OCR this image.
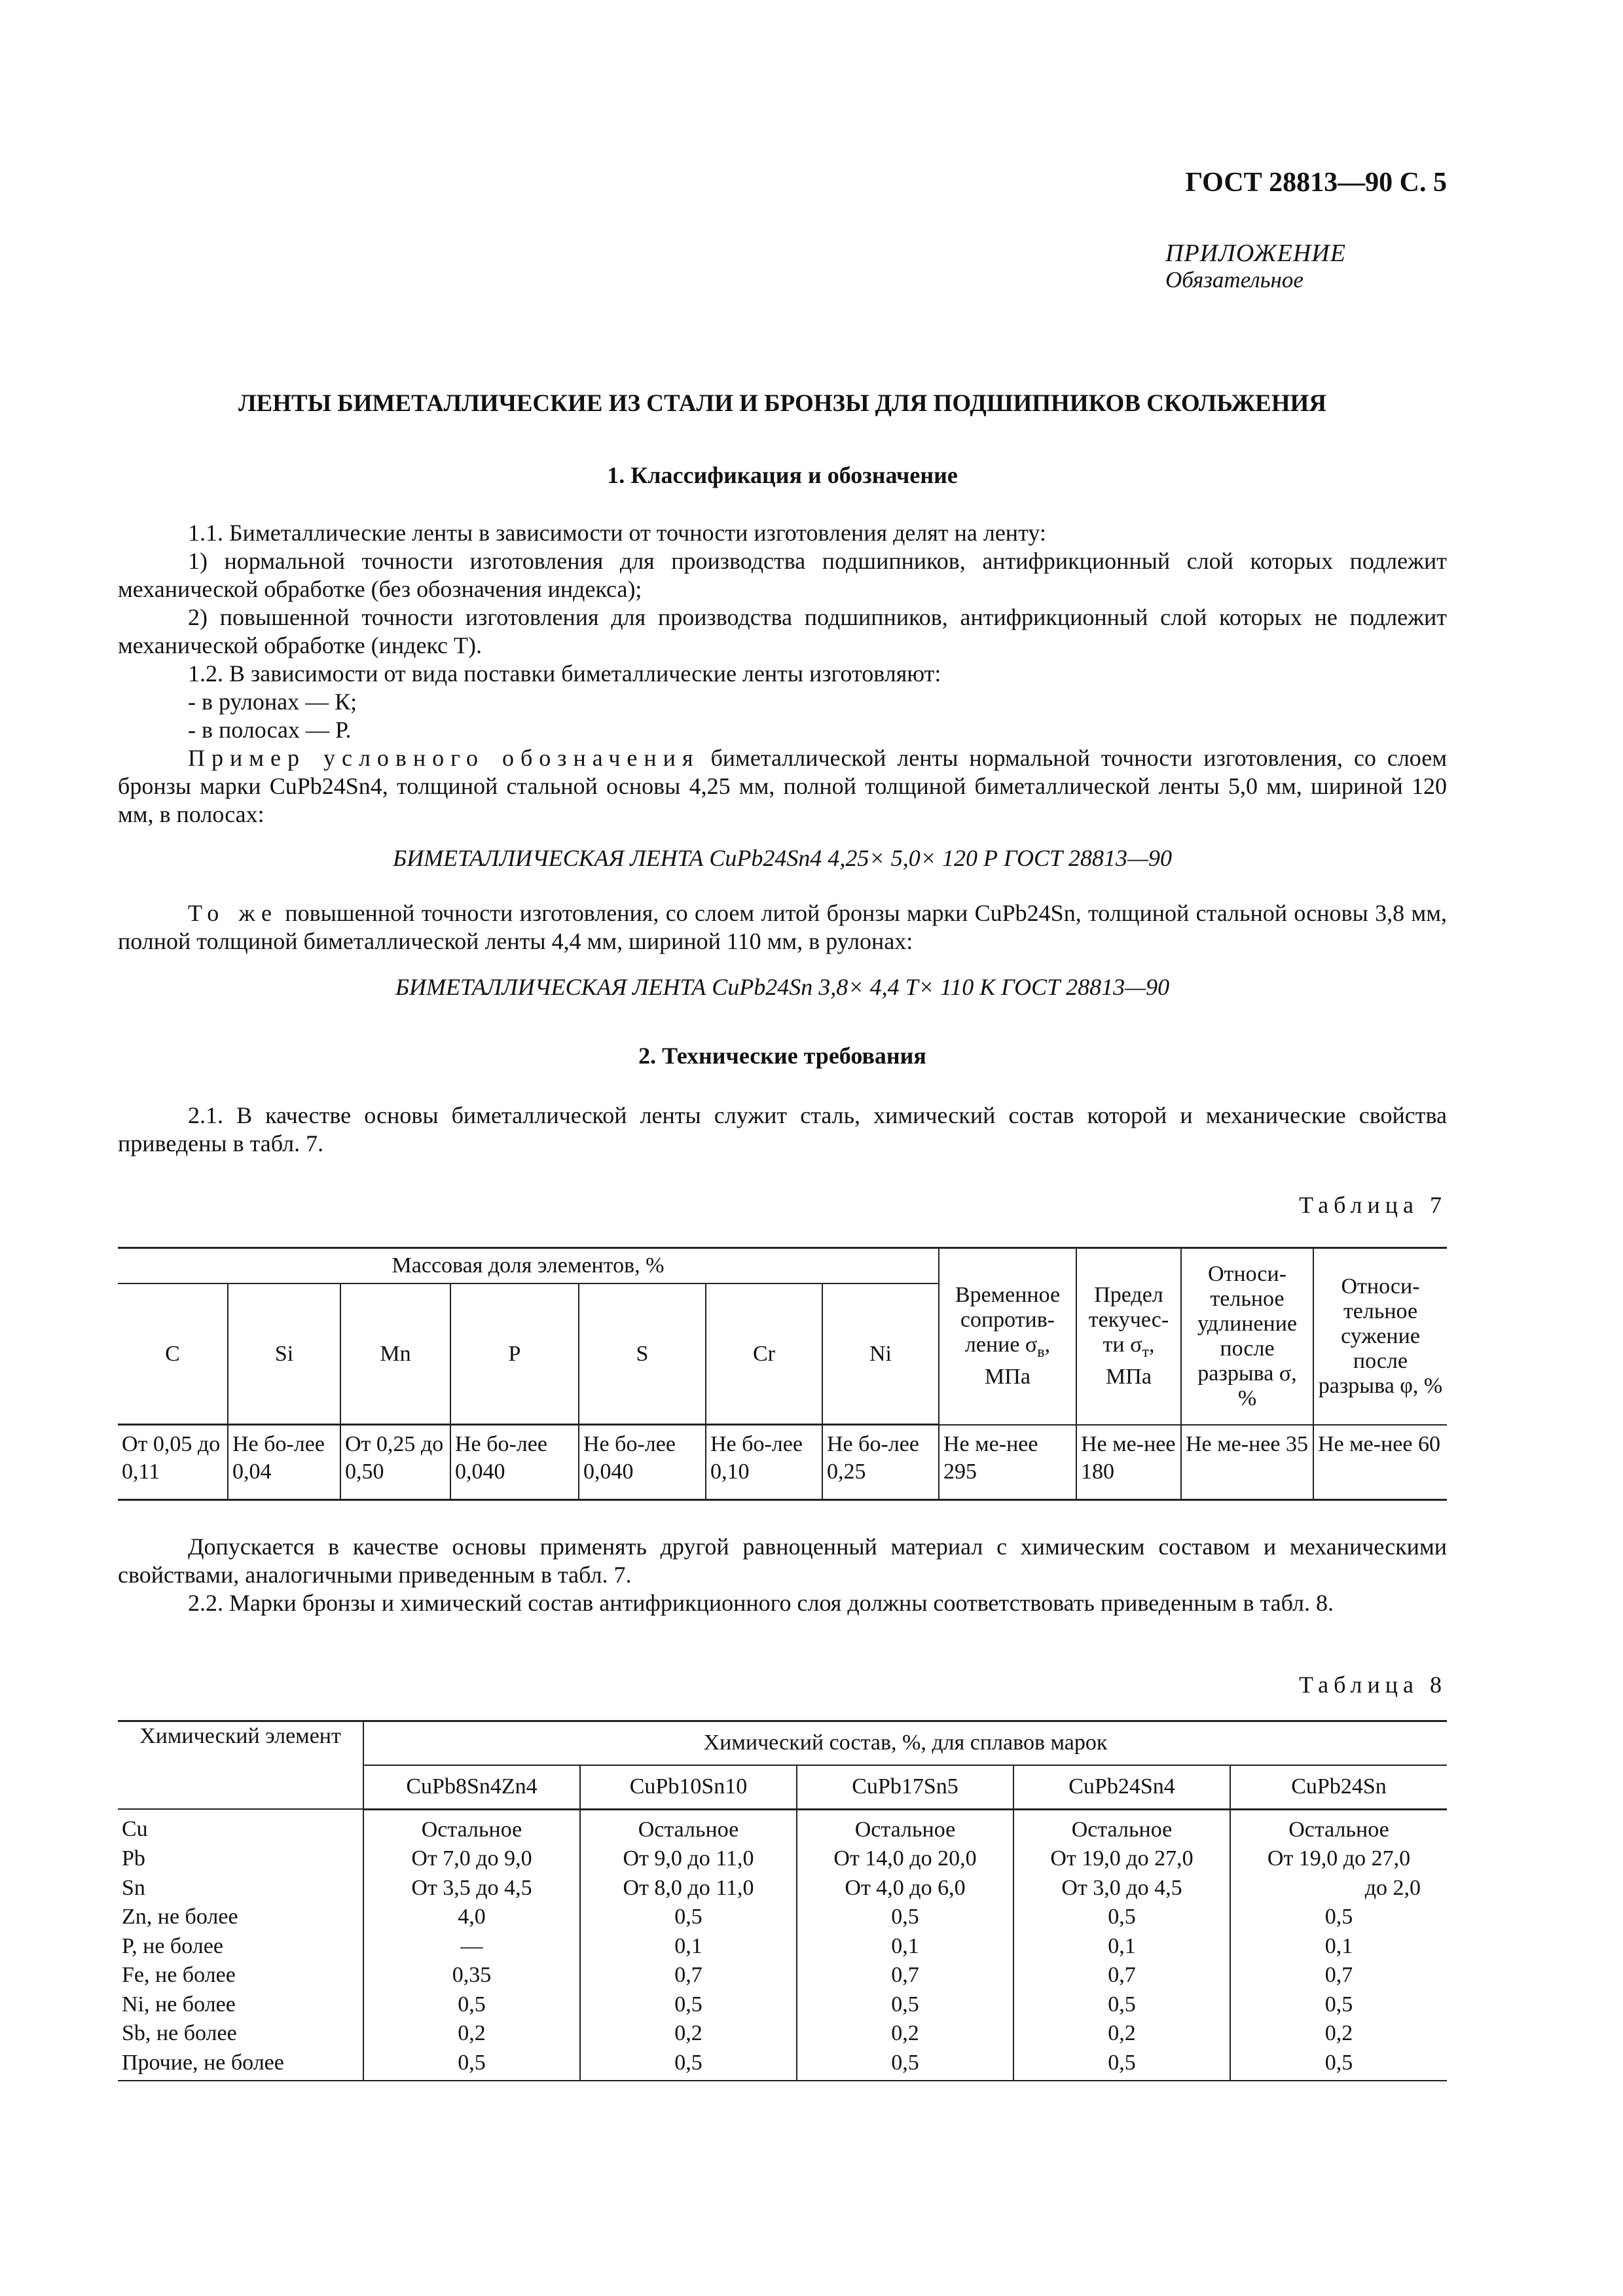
ГОСТ 28813—90 С. 5
ПРИЛОЖЕНИЕ
Обязательное
ЛЕНТЫ БИМЕТАЛЛИЧЕСКИЕ ИЗ СТАЛИ И БРОНЗЫ ДЛЯ ПОДШИПНИКОВ СКОЛЬЖЕНИЯ
1. Классификация и обозначение
1.1. Биметаллические ленты в зависимости от точности изготовления делят на ленту:
1) нормальной точности изготовления для производства подшипников, антифрикционный слой которых подлежит механической обработке (без обозначения индекса);
2) повышенной точности изготовления для производства подшипников, антифрикционный слой которых не подлежит механической обработке (индекс Т).
1.2. В зависимости от вида поставки биметаллические ленты изготовляют:
- в рулонах — К;
- в полосах — Р.
Пример условного обозначения биметаллической ленты нормальной точности изготовления, со слоем бронзы марки CuPb24Sn4, толщиной стальной основы 4,25 мм, полной толщиной биметаллической ленты 5,0 мм, шириной 120 мм, в полосах:
БИМЕТАЛЛИЧЕСКАЯ ЛЕНТА CuPb24Sn4 4,25× 5,0× 120 Р ГОСТ 28813—90
То же повышенной точности изготовления, со слоем литой бронзы марки CuPb24Sn, толщиной стальной основы 3,8 мм, полной толщиной биметаллической ленты 4,4 мм, шириной 110 мм, в рулонах:
БИМЕТАЛЛИЧЕСКАЯ ЛЕНТА CuPb24Sn 3,8× 4,4 Т× 110 К ГОСТ 28813—90
2. Технические требования
2.1. В качестве основы биметаллической ленты служит сталь, химический состав которой и механические свойства приведены в табл. 7.
Таблица 7
Массовая доля элементов, %							Временное сопротив-ление $\sigma_в$, МПа	Предел текучес-ти $\sigma_т$, МПа	Относи-тельное удлинение после разрыва σ, %	Относи-тельное сужение после разрыва φ, %
C	Si	Mn	P	S	Cr	Ni				
От 0,05 до 0,11	Не бо-лее 0,04	От 0,25 до 0,50	Не бо-лее 0,040	Не бо-лее 0,040	Не бо-лее 0,10	Не бо-лее 0,25	Не ме-нее 295	Не ме-нее 180	Не ме-нее 35	Не ме-нее 60
Допускается в качестве основы применять другой равноценный материал с химическим составом и механическими свойствами, аналогичными приведенным в табл. 7.
2.2. Марки бронзы и химический состав антифрикционного слоя должны соответствовать приведенным в табл. 8.
Таблица 8
Химический элемент	Химический состав, %, для сплавов марок				
	CuPb8Sn4Zn4	CuPb10Sn10	CuPb17Sn5	CuPb24Sn4	CuPb24Sn
Cu	Остальное	Остальное	Остальное	Остальное	Остальное
Pb	От 7,0 до 9,0	От 9,0 до 11,0	От 14,0 до 20,0	От 19,0 до 27,0	От 19,0 до 27,0
Sn	От 3,5 до 4,5	От 8,0 до 11,0	От 4,0 до 6,0	От 3,0 до 4,5	до 2,0
Zn, не более	4,0	0,5	0,5	0,5	0,5
P, не более	—	0,1	0,1	0,1	0,1
Fe, не более	0,35	0,7	0,7	0,7	0,7
Ni, не более	0,5	0,5	0,5	0,5	0,5
Sb, не более	0,2	0,2	0,2	0,2	0,2
Прочие, не более	0,5	0,5	0,5	0,5	0,5
